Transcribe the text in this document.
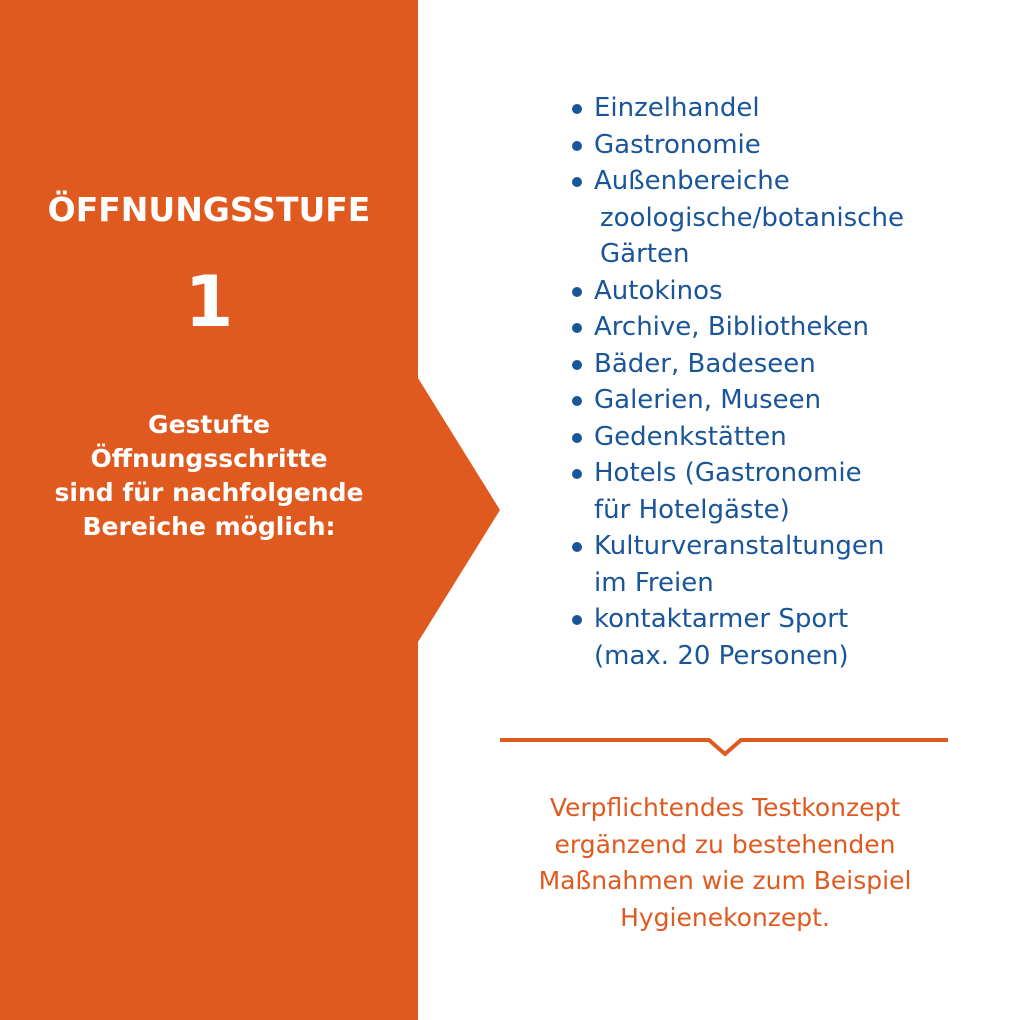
ÖFFNUNGSSTUFE
1
Gestufte
Öffnungsschritte
sind für nachfolgende
Bereiche möglich:
Einzelhandel
Gastronomie
Außenbereiche
zoologische/botanische
Gärten
Autokinos
Archive, Bibliotheken
Bäder, Badeseen
Galerien, Museen
Gedenkstätten
Hotels (Gastronomie
für Hotelgäste)
Kulturveranstaltungen
im Freien
kontaktarmer Sport
(max. 20 Personen)
Verpflichtendes Testkonzept
ergänzend zu bestehenden
Maßnahmen wie zum Beispiel
Hygienekonzept.
